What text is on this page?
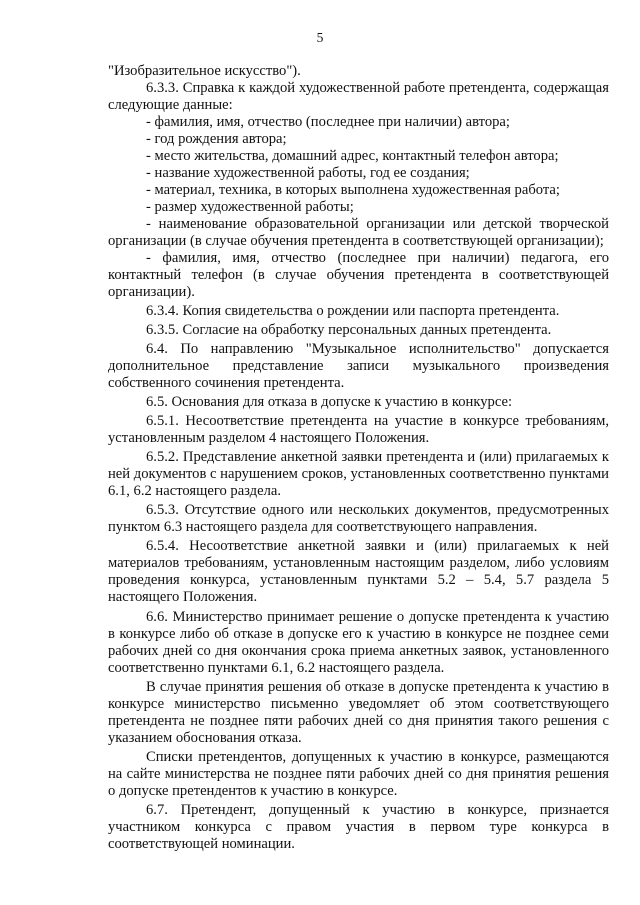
5

"Изобразительное искусство").

6.3.3. Справка к каждой художественной работе претендента, содержащая следующие данные:

- фамилия, имя, отчество (последнее при наличии) автора;

- год рождения автора;

- место жительства, домашний адрес, контактный телефон автора;

- название художественной работы, год ее создания;

- материал, техника, в которых выполнена художественная работа;

- размер художественной работы;

- наименование образовательной организации или детской творческой организации (в случае обучения претендента в соответствующей организации);

- фамилия, имя, отчество (последнее при наличии) педагога, его контактный телефон (в случае обучения претендента в соответствующей организации).

6.3.4. Копия свидетельства о рождении или паспорта претендента.

6.3.5. Согласие на обработку персональных данных претендента.

6.4. По направлению "Музыкальное исполнительство" допускается дополнительное представление записи музыкального произведения собственного сочинения претендента.

6.5. Основания для отказа в допуске к участию в конкурсе:

6.5.1. Несоответствие претендента на участие в конкурсе требованиям, установленным разделом 4 настоящего Положения.

6.5.2. Представление анкетной заявки претендента и (или) прилагаемых к ней документов с нарушением сроков, установленных соответственно пунктами 6.1, 6.2 настоящего раздела.

6.5.3. Отсутствие одного или нескольких документов, предусмотренных пунктом 6.3 настоящего раздела для соответствующего направления.

6.5.4. Несоответствие анкетной заявки и (или) прилагаемых к ней материалов требованиям, установленным настоящим разделом, либо условиям проведения конкурса, установленным пунктами 5.2 – 5.4, 5.7 раздела 5 настоящего Положения.

6.6. Министерство принимает решение о допуске претендента к участию в конкурсе либо об отказе в допуске его к участию в конкурсе не позднее семи рабочих дней со дня окончания срока приема анкетных заявок, установленного соответственно пунктами 6.1, 6.2 настоящего раздела.

В случае принятия решения об отказе в допуске претендента к участию в конкурсе министерство письменно уведомляет об этом соответствующего претендента не позднее пяти рабочих дней со дня принятия такого решения с указанием обоснования отказа.

Списки претендентов, допущенных к участию в конкурсе, размещаются на сайте министерства не позднее пяти рабочих дней со дня принятия решения о допуске претендентов к участию в конкурсе.

6.7. Претендент, допущенный к участию в конкурсе, признается участником конкурса с правом участия в первом туре конкурса в соответствующей номинации.
